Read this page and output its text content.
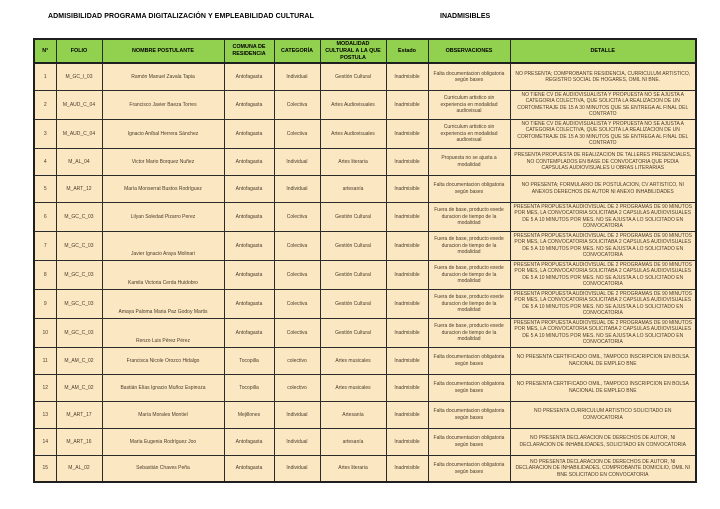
ADMISIBILIDAD PROGRAMA DIGITALIZACIÓN Y EMPLEABILIDAD CULTURAL	INADMISIBLES
N°	FOLIO	NOMBRE POSTULANTE	COMUNA DE RESIDENCIA	CATEGORÍA	MODALIDAD CULTURAL A LA QUE POSTULA	Estado	OBSERVACIONES	DETALLE
1	M_GC_I_03	Ramón Manuel Zavala Tapia	Antofagasta	Individual	Gestión Cultural	Inadmisible	Falta documentacion obligatoria según bases	NO PRESENTA; COMPROBANTE RESIDENCIA, CURRICULUM ARTISTICO, REGISTRO SOCIAL DE HOGARES, OMIL NI BNE.
2	M_AUD_C_04	Francisco Javier Baeza Torres	Antofagasta	Colectiva	Artes Audiovisuales	Inadmisible	Curriculum artistico sin experiencia en modalidad audiovisual	NO TIENE CV DE AUDIOVISUALISTA Y PROPUESTA NO SE AJUSTA A CATEGORIA COLECTIVA, QUE SOLICITA LA REALIZACION DE UN CORTOMETRAJE DE 15 A 30 MINUTOS QUE SE ENTREGA AL FINAL DEL CONTRATO
3	M_AUD_C_04	Ignacio Aníbal Herrera Sánchez	Antofagasta	Colectiva	Artes Audiovisuales	Inadmisible	Curriculum artistico sin experiencia en modalidad audiovisual	NO TIENE CV DE AUDIOVISUALISTA Y PROPUESTA NO SE AJUSTA A CATEGORIA COLECTIVA, QUE SOLICITA LA REALIZACION DE UN CORTOMETRAJE DE 15 A 30 MINUTOS QUE SE ENTREGA AL FINAL DEL CONTRATO
4	M_AL_04	Victor Mario Borquez Nuñez	Antofagasta	Individual	Artes literaria	Inadmisible	Propuesta no se ajusta a modalidad	PRESENTA PROPUESTA DE REALIZACION DE TALLERES PRESENCIALES, NO CONTEMPLADOS EN BASE DE CONVOCATORIA QUE PEDIA CAPSULAS AUDIOVISUALES U OBRAS LITERARIAS
5	M_ART_12	María Monserrat Bustos Rodríguez	Antofagasta	Individual	artesanía	Inadmisible	Falta documentacion obligatoria según bases	NO PRESENTA; FORMULARIO DE POSTULACION, CV ARTISTICO, NI ANEXOS DERECHOS DE AUTOR NI ANEXO INHABILIDADES
6	M_GC_C_03	Lilyan Soledad Pizarro Perez	Antofagasta	Colectiva	Gestión Cultural	Inadmisible	Fuera de base, producto exede duracion de tiempo de la modalidad	PRESENTA PROPUESTA AUDIOVISUAL DE 2 PROGRAMAS DE 90 MINUTOS POR MES, LA CONVOCATORIA SOLICITABA 2 CAPSULAS AUDIOVISUALES DE 5 A 10 MINUTOS POR MES. NO SE AJUSTA A LO SOLICITADO EN CONVOCATORIA
7	M_GC_C_03	Javier Ignacio Araya Molinari	Antofagasta	Colectiva	Gestión Cultural	Inadmisible	Fuera de base, producto exede duracion de tiempo de la modalidad	PRESENTA PROPUESTA AUDIOVISUAL DE 2 PROGRAMAS DE 90 MINUTOS POR MES, LA CONVOCATORIA SOLICITABA 2 CAPSULAS AUDIOVISUALES DE 5 A 10 MINUTOS POR MES. NO SE AJUSTA A LO SOLICITADO EN CONVOCATORIA
8	M_GC_C_03	Kamila Victoria Cerda Huidobro	Antofagasta	Colectiva	Gestión Cultural	Inadmisible	Fuera de base, producto exede duracion de tiempo de la modalidad	PRESENTA PROPUESTA AUDIOVISUAL DE 2 PROGRAMAS DE 90 MINUTOS POR MES, LA CONVOCATORIA SOLICITABA 2 CAPSULAS AUDIOVISUALES DE 5 A 10 MINUTOS POR MES. NO SE AJUSTA A LO SOLICITADO EN CONVOCATORIA
9	M_GC_C_03	Amaya Paloma Maria Paz Godoy Martis	Antofagasta	Colectiva	Gestión Cultural	Inadmisible	Fuera de base, producto exede duracion de tiempo de la modalidad	PRESENTA PROPUESTA AUDIOVISUAL DE 2 PROGRAMAS DE 90 MINUTOS POR MES, LA CONVOCATORIA SOLICITABA 2 CAPSULAS AUDIOVISUALES DE 5 A 10 MINUTOS POR MES. NO SE AJUSTA A LO SOLICITADO EN CONVOCATORIA
10	M_GC_C_03	Renzo Luis Pérez Pérez	Antofagasta	Colectiva	Gestión Cultural	Inadmisible	Fuera de base, producto exede duracion de tiempo de la modalidad	PRESENTA PROPUESTA AUDIOVISUAL DE 2 PROGRAMAS DE 90 MINUTOS POR MES, LA CONVOCATORIA SOLICITABA 2 CAPSULAS AUDIOVISUALES DE 5 A 10 MINUTOS POR MES. NO SE AJUSTA A LO SOLICITADO EN CONVOCATORIA
11	M_AM_C_02	Francisca Nicole Orozco Hidalgo	Tocopilla	colectivo	Artes musicales	Inadmisible	Falta documentacion obligatoria según bases	NO PRESENTA CERTIFICADO OMIL, TAMPOCO INSCRIPCION EN BOLSA NACIONAL DE EMPLEO BNE
12	M_AM_C_02	Bastián Elías Ignacio Muñoz Espinoza	Tocopilla	colectivo	Artes musicales	Inadmisible	Falta documentacion obligatoria según bases	NO PRESENTA CERTIFICADO OMIL, TAMPOCO INSCRIPCION EN BOLSA NACIONAL DE EMPLEO BNE
13	M_ART_17	María Morales Montiel	Mejillones	Individual	Artesanía	Inadmisible	Falta documentacion obligatoria según bases	NO PRESENTA CURRICULUM ARTISTICO SOLICITADO EN CONVOCATORIA
14	M_ART_16	María Eugenia Rodríguez Joo	Antofagasta	Individual	artesanía	Inadmisible	Falta documentacion obligatoria según bases	NO PRESENTA DECLARACION DE DERECHOS DE AUTOR, NI DECLARACION DE INHABILIDADES, SOLICITADO EN CONVOCATORIA
15	M_AL_02	Sebastián Chaves Peña	Antofagasta	Individual	Artes literaria	Inadmisible	Falta documentacion obligatoria según bases	NO PRESENTA DECLARACION DE DERECHOS DE AUTOR, NI DECLARACION DE INHABILIDADES, COMPROBANTE DOMICILIO, OMIL NI BNE SOLICITADO EN CONVOCATORIA
